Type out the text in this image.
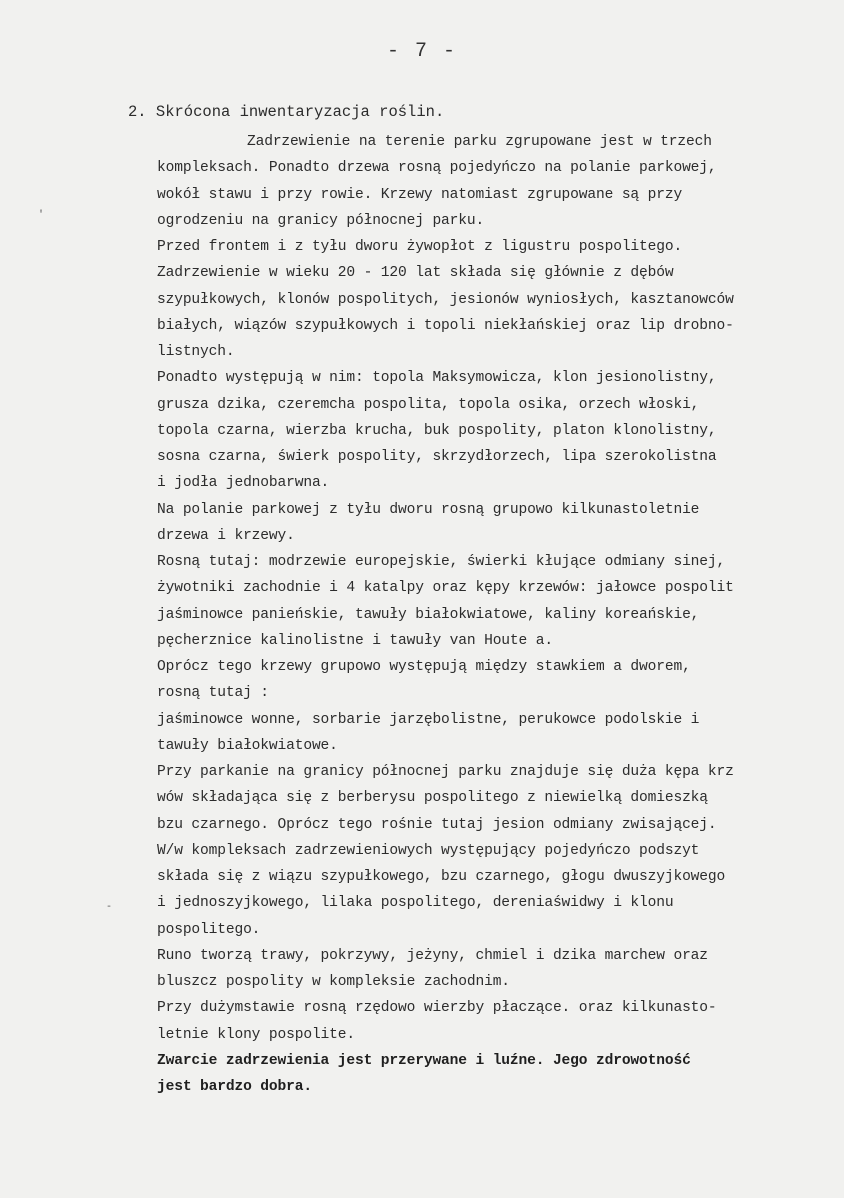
- 7 -
2. Skrócona inwentaryzacja roślin.
Zadrzewienie na terenie parku zgrupowane jest w trzech
kompleksach. Ponadto drzewa rosną pojedyńczo na polanie parkowej,
wokół stawu i przy rowie. Krzewy natomiast zgrupowane są przy
ogrodzeniu na granicy północnej parku.
Przed frontem i z tyłu dworu żywopłot z ligustru pospolitego.
Zadrzewienie w wieku 20 - 120 lat składa się głównie z dębów
szypułkowych, klonów pospolitych, jesionów wyniosłych, kasztanowców
białych, wiązów szypułkowych i topoli niekłańskiej oraz lip drobno-
listnych.
Ponadto występują w nim: topola Maksymowicza, klon jesionolistny,
grusza dzika, czeremcha pospolita, topola osika, orzech włoski,
topola czarna, wierzba krucha, buk pospolity, platon klonolistny,
sosna czarna, świerk pospolity, skrzydłorzech, lipa szerokolistna
i jodła jednobarwna.
Na polanie parkowej z tyłu dworu rosną grupowo kilkunastoletnie
drzewa i krzewy.
Rosną tutaj: modrzewie europejskie, świerki kłujące odmiany sinej,
żywotniki zachodnie i 4 katalpy oraz kępy krzewów: jałowce pospolit
jaśminowce panieńskie, tawuły białokwiatowe, kaliny koreańskie,
pęcherznice kalinolistne i tawuły van Houte a.
Oprócz tego krzewy grupowo występują między stawkiem a dworem,
rosną tutaj :
jaśminowce wonne, sorbarie jarzębolistne, perukowce podolskie i
tawuły białokwiatowe.
Przy parkanie na granicy północnej parku znajduje się duża kępa krz
wów składająca się z berberysu pospolitego z niewielką domieszką
bzu czarnego. Oprócz tego rośnie tutaj jesion odmiany zwisającej.
W/w kompleksach zadrzewieniowych występujący pojedyńczo podszyt
składa się z wiązu szypułkowego, bzu czarnego, głogu dwuszyjkowego
i jednoszyjkowego, lilaka pospolitego, dereniaświdwy i klonu
pospolitego.
Runo tworzą trawy, pokrzywy, jeżyny, chmiel i dzika marchew oraz
bluszcz pospolity w kompleksie zachodnim.
Przy dużymstawie rosną rzędowo wierzby płaczące. oraz kilkunasto-
letnie klony pospolite.
Zwarcie zadrzewienia jest przerywane i luźne. Jego zdrowotność
jest bardzo dobra.
'
-
